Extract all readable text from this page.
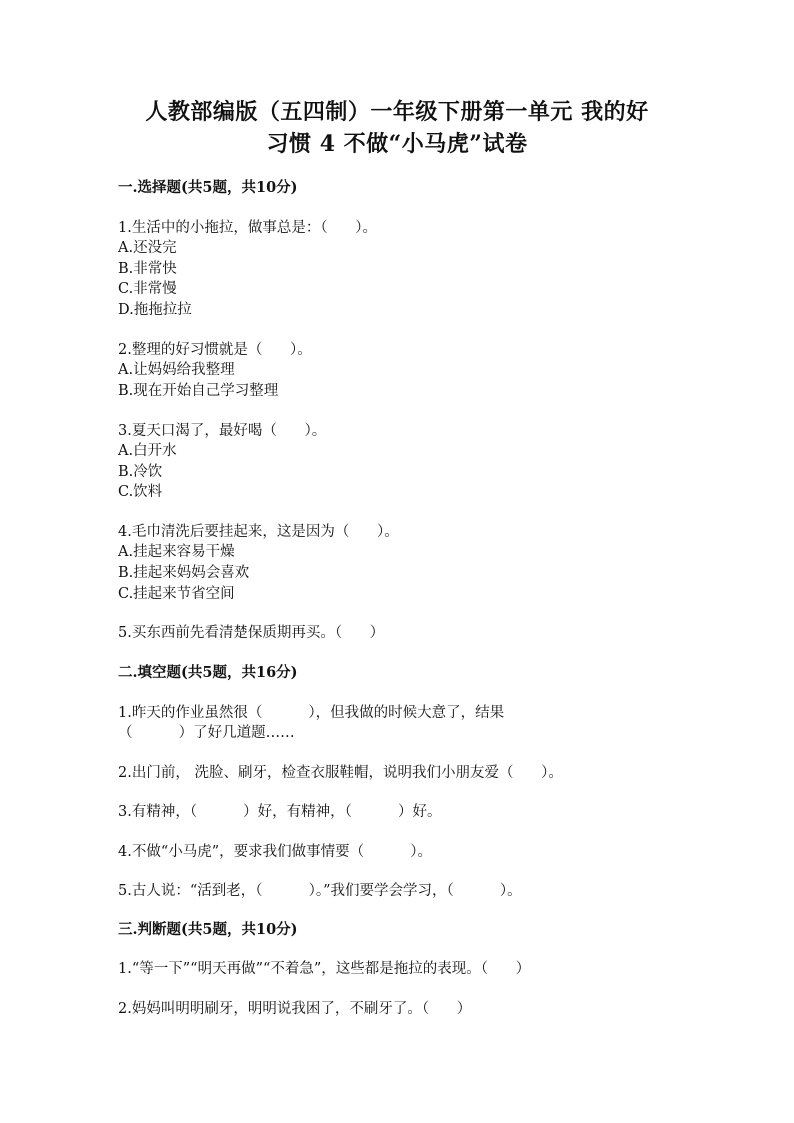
人教部编版（五四制）一年级下册第一单元 我的好
习惯 4 不做“小马虎”试卷
一.选择题(共5题，共10分)
1.生活中的小拖拉，做事总是：（      ）。
A.还没完
B.非常快
C.非常慢
D.拖拖拉拉
2.整理的好习惯就是（      ）。
A.让妈妈给我整理
B.现在开始自己学习整理
3.夏天口渴了，最好喝（      ）。
A.白开水
B.冷饮
C.饮料
4.毛巾清洗后要挂起来，这是因为（      ）。
A.挂起来容易干燥
B.挂起来妈妈会喜欢
C.挂起来节省空间
5.买东西前先看清楚保质期再买。（      ）
二.填空题(共5题，共16分)
1.昨天的作业虽然很（          ），但我做的时候大意了，结果
（          ）了好几道题……
2.出门前， 洗脸、刷牙，检查衣服鞋帽，说明我们小朋友爱（      ）。
3.有精神，（          ）好，有精神，（          ）好。
4.不做“小马虎”，要求我们做事情要（          ）。
5.古人说：“活到老，（          ）。”我们要学会学习，（          ）。
三.判断题(共5题，共10分)
1.“等一下”“明天再做”“不着急”，这些都是拖拉的表现。（      ）
2.妈妈叫明明刷牙，明明说我困了，不刷牙了。（      ）
